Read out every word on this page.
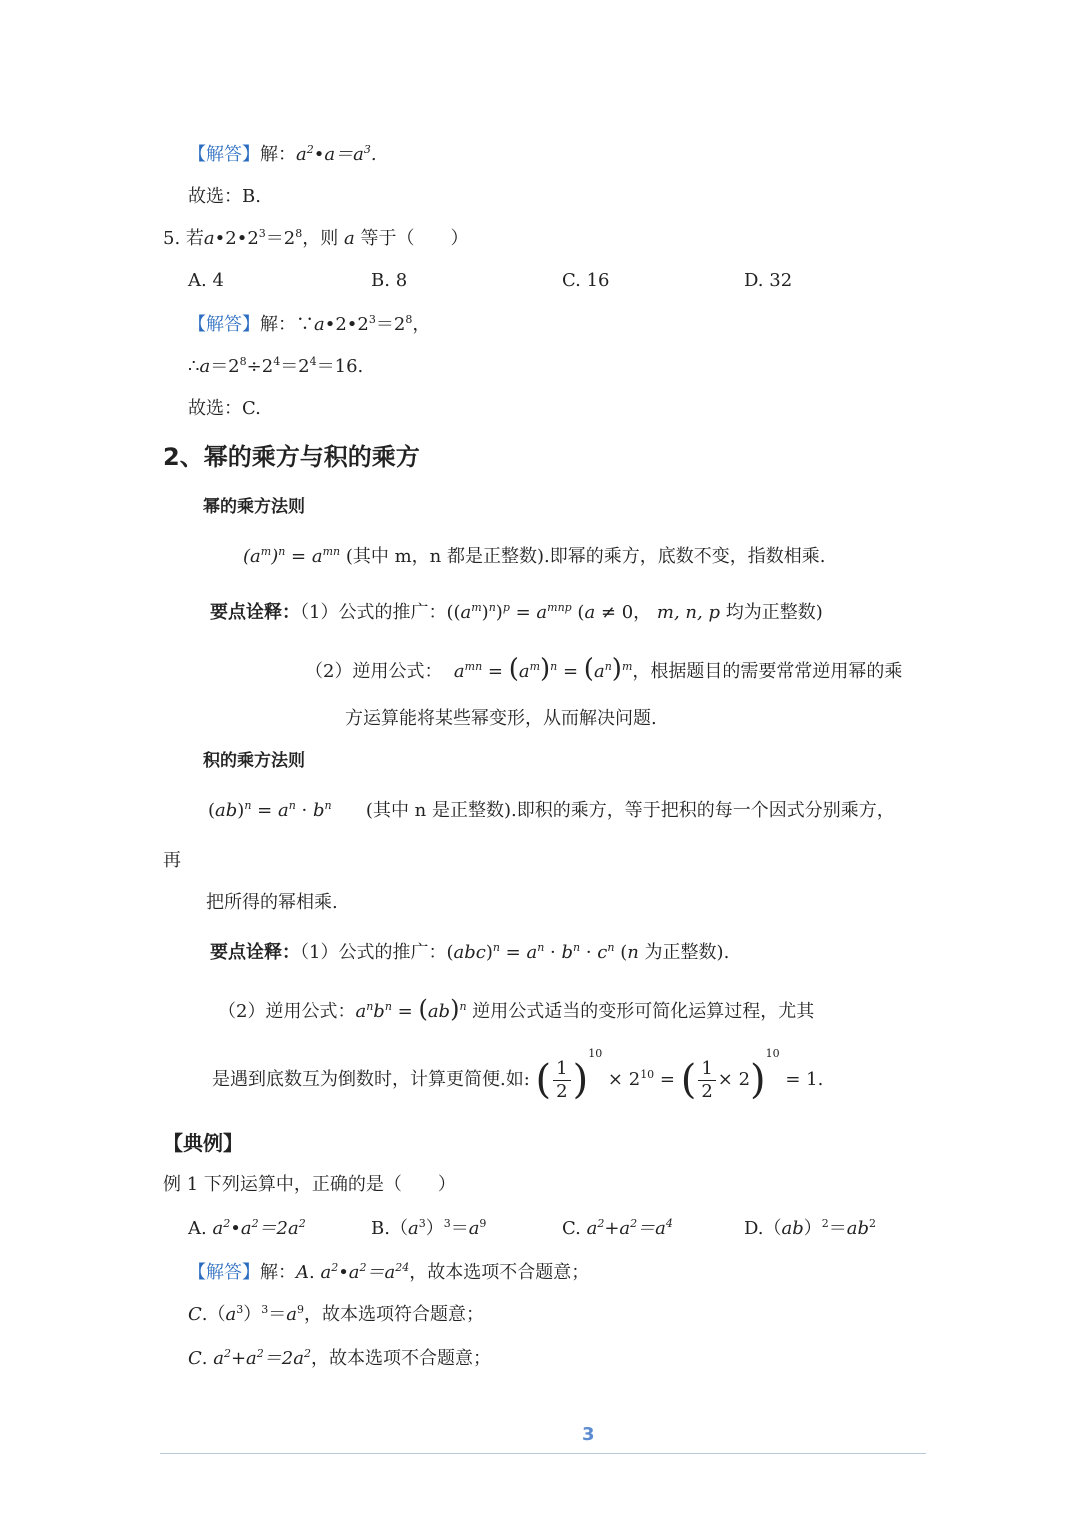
【解答】解：$a^2•a=a^3$.
故选：B.
5. 若$a•2•2^3=2^8$，则 a 等于（　　）
A. 4	B. 8	C. 16	D. 32
【解答】解：$\because a•2•2^3=2^8$，
$\therefore a=2^8\div 2^4=2^4=16$.
故选：C.
2、幂的乘方与积的乘方
幂的乘方法则
$(a^m)^n = a^{mn}$ (其中 m，n 都是正整数).即幂的乘方，底数不变，指数相乘.
要点诠释：（1）公式的推广：$((a^m)^n)^p = a^{mnp}$ (a ≠ 0， m, n, p 均为正整数)
（2）逆用公式： $a^{mn} = (a^m)^n = (a^n)^m$，根据题目的需要常常逆用幂的乘
方运算能将某些幂变形，从而解决问题.
积的乘方法则
$(ab)^n = a^n \cdot b^n$ (其中 n 是正整数).即积的乘方，等于把积的每一个因式分别乘方，
再
把所得的幂相乘.
要点诠释：（1）公式的推广：$(abc)^n = a^n \cdot b^n \cdot c^n$ (n 为正整数).
（2）逆用公式：$a^nb^n = (ab)^n$ 逆用公式适当的变形可简化运算过程，尤其
是遇到底数互为倒数时，计算更简便.如: ( $\frac{1}{2} )^{10} \times 2^{10}$ = ( $\frac{1}{2} \times 2)^{10} = 1$.
【典例】
例 1 下列运算中，正确的是（　　）
A. $a^2•a^2=2a^2$	$B.(a^3)^3=a^9$	C. $a^2+a^2=a^4$	$D.(ab)^2=ab^2$
【解答】解：A. $a^2•a^2=a^{24}$，故本选项不合题意；
$C.(a^3)^3=a^9$，故本选项符合题意；
C. $a^2+a^2=2a^2$，故本选项不合题意；
3
